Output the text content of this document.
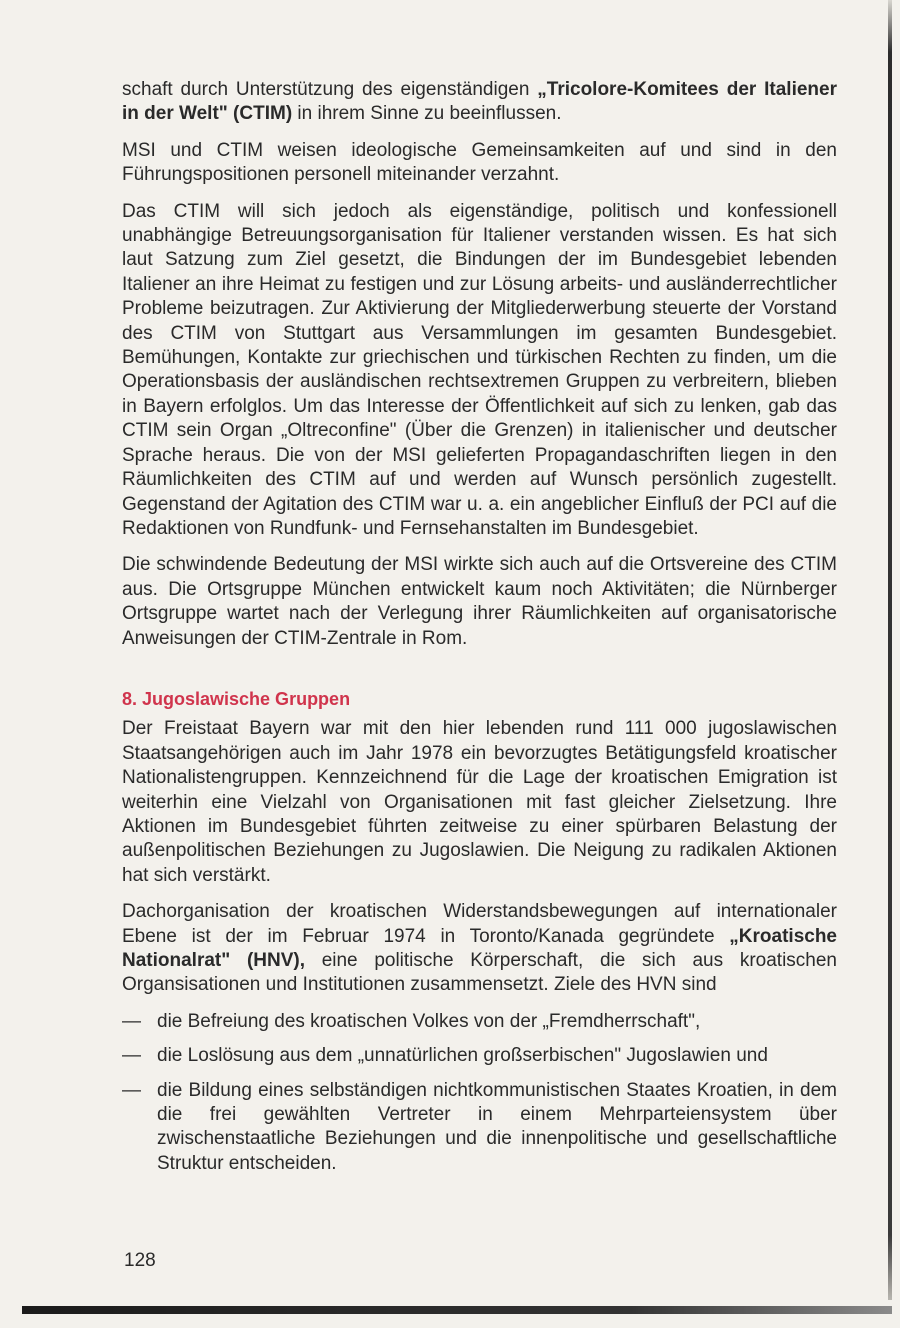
schaft durch Unterstützung des eigenständigen „Tricolore-Komitees der Italiener in der Welt" (CTIM) in ihrem Sinne zu beeinflussen.

MSI und CTIM weisen ideologische Gemeinsamkeiten auf und sind in den Führungspositionen personell miteinander verzahnt.

Das CTIM will sich jedoch als eigenständige, politisch und konfessionell unabhängige Betreuungsorganisation für Italiener verstanden wissen. Es hat sich laut Satzung zum Ziel gesetzt, die Bindungen der im Bundesgebiet lebenden Italiener an ihre Heimat zu festigen und zur Lösung arbeits- und ausländerrechtlicher Probleme beizutragen. Zur Aktivierung der Mitgliederwerbung steuerte der Vorstand des CTIM von Stuttgart aus Versammlungen im gesamten Bundesgebiet. Bemühungen, Kontakte zur griechischen und türkischen Rechten zu finden, um die Operationsbasis der ausländischen rechtsextremen Gruppen zu verbreitern, blieben in Bayern erfolglos. Um das Interesse der Öffentlichkeit auf sich zu lenken, gab das CTIM sein Organ „Oltreconfine" (Über die Grenzen) in italienischer und deutscher Sprache heraus. Die von der MSI gelieferten Propagandaschriften liegen in den Räumlichkeiten des CTIM auf und werden auf Wunsch persönlich zugestellt. Gegenstand der Agitation des CTIM war u. a. ein angeblicher Einfluß der PCI auf die Redaktionen von Rundfunk- und Fernsehanstalten im Bundesgebiet.

Die schwindende Bedeutung der MSI wirkte sich auch auf die Ortsvereine des CTIM aus. Die Ortsgruppe München entwickelt kaum noch Aktivitäten; die Nürnberger Ortsgruppe wartet nach der Verlegung ihrer Räumlichkeiten auf organisatorische Anweisungen der CTIM-Zentrale in Rom.

8. Jugoslawische Gruppen

Der Freistaat Bayern war mit den hier lebenden rund 111 000 jugoslawischen Staatsangehörigen auch im Jahr 1978 ein bevorzugtes Betätigungsfeld kroatischer Nationalistengruppen. Kennzeichnend für die Lage der kroatischen Emigration ist weiterhin eine Vielzahl von Organisationen mit fast gleicher Zielsetzung. Ihre Aktionen im Bundesgebiet führten zeitweise zu einer spürbaren Belastung der außenpolitischen Beziehungen zu Jugoslawien. Die Neigung zu radikalen Aktionen hat sich verstärkt.

Dachorganisation der kroatischen Widerstandsbewegungen auf internationaler Ebene ist der im Februar 1974 in Toronto/Kanada gegründete „Kroatische Nationalrat" (HNV), eine politische Körperschaft, die sich aus kroatischen Organsisationen und Institutionen zusammensetzt. Ziele des HVN sind

— die Befreiung des kroatischen Volkes von der „Fremdherrschaft",
— die Loslösung aus dem „unnatürlichen großserbischen" Jugoslawien und
— die Bildung eines selbständigen nichtkommunistischen Staates Kroatien, in dem die frei gewählten Vertreter in einem Mehrparteiensystem über zwischenstaatliche Beziehungen und die innenpolitische und gesellschaftliche Struktur entscheiden.
128
